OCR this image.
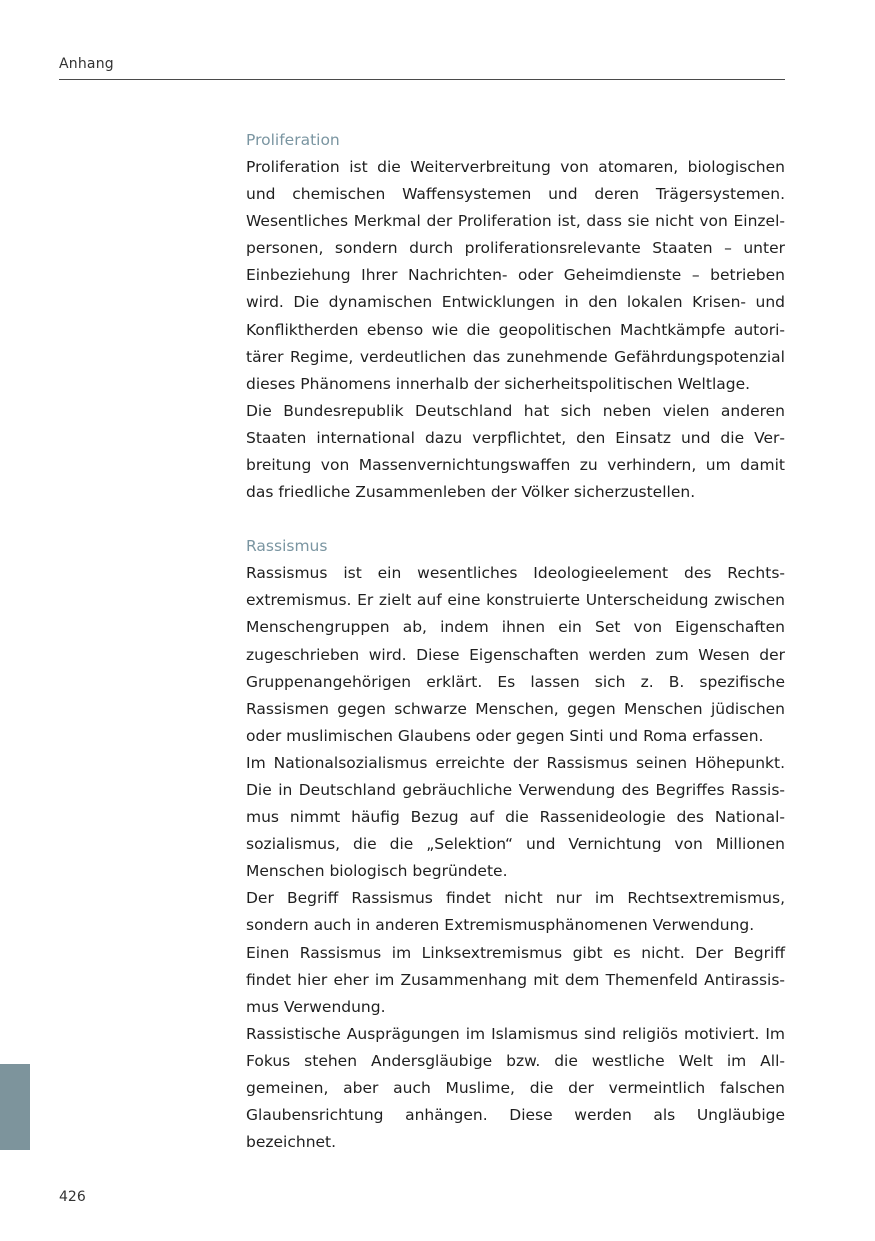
Anhang
Proliferation

Proliferation ist die Weiterverbreitung von atomaren, biologischen und chemischen Waffensystemen und deren Trägersystemen. Wesentliches Merkmal der Proliferation ist, dass sie nicht von Einzelpersonen, sondern durch proliferationsrelevante Staaten – unter Einbeziehung Ihrer Nachrichten- oder Geheimdienste – betrieben wird. Die dynamischen Entwicklungen in den lokalen Krisen- und Konfliktherden ebenso wie die geopolitischen Machtkämpfe autoritärer Regime, verdeutlichen das zunehmende Gefährdungspotenzial dieses Phänomens innerhalb der sicherheitspolitischen Weltlage.

Die Bundesrepublik Deutschland hat sich neben vielen anderen Staaten international dazu verpflichtet, den Einsatz und die Verbreitung von Massenvernichtungswaffen zu verhindern, um damit das friedliche Zusammenleben der Völker sicherzustellen.

Rassismus

Rassismus ist ein wesentliches Ideologieelement des Rechtsextremismus. Er zielt auf eine konstruierte Unterscheidung zwischen Menschengruppen ab, indem ihnen ein Set von Eigenschaften zugeschrieben wird. Diese Eigenschaften werden zum Wesen der Gruppenangehörigen erklärt. Es lassen sich z. B. spezifische Rassismen gegen schwarze Menschen, gegen Menschen jüdischen oder muslimischen Glaubens oder gegen Sinti und Roma erfassen.

Im Nationalsozialismus erreichte der Rassismus seinen Höhepunkt. Die in Deutschland gebräuchliche Verwendung des Begriffes Rassismus nimmt häufig Bezug auf die Rassenideologie des Nationalsozialismus, die die „Selektion“ und Vernichtung von Millionen Menschen biologisch begründete.

Der Begriff Rassismus findet nicht nur im Rechtsextremismus, sondern auch in anderen Extremismusphänomenen Verwendung.

Einen Rassismus im Linksextremismus gibt es nicht. Der Begriff findet hier eher im Zusammenhang mit dem Themenfeld Antirassismus Verwendung.

Rassistische Ausprägungen im Islamismus sind religiös motiviert. Im Fokus stehen Andersgläubige bzw. die westliche Welt im Allgemeinen, aber auch Muslime, die der vermeintlich falschen Glaubensrichtung anhängen. Diese werden als Ungläubige bezeichnet.

426
